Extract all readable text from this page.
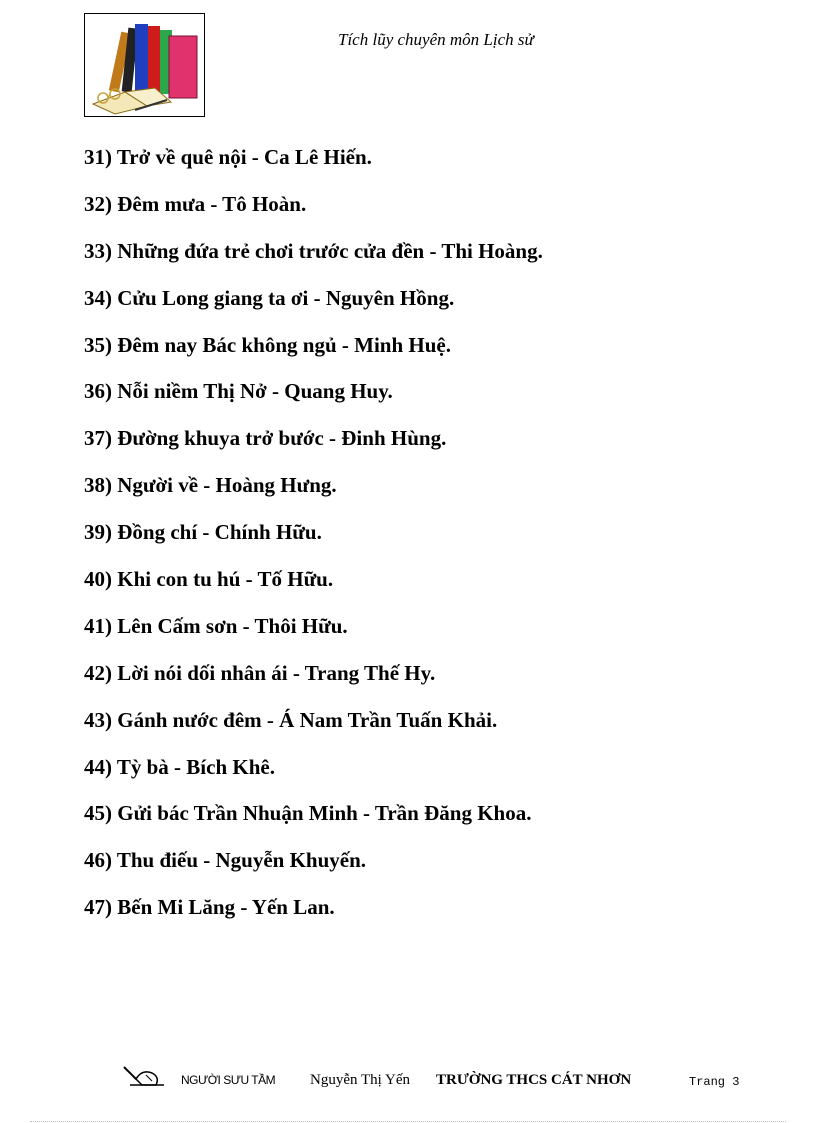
Tích lũy chuyên môn Lịch sử
31) Trở về quê nội - Ca Lê Hiến.
32) Đêm mưa - Tô Hoàn.
33) Những đứa trẻ chơi trước cửa đền - Thi Hoàng.
34) Cửu Long giang ta ơi - Nguyên Hồng.
35) Đêm nay Bác không ngủ - Minh Huệ.
36) Nỗi niềm Thị Nở - Quang Huy.
37) Đường khuya trở bước - Đinh Hùng.
38) Người về - Hoàng Hưng.
39) Đồng chí - Chính Hữu.
40) Khi con tu hú - Tố Hữu.
41) Lên Cấm sơn - Thôi Hữu.
42) Lời nói dối nhân ái - Trang Thế Hy.
43) Gánh nước đêm - Á Nam Trần Tuấn Khải.
44) Tỳ bà - Bích Khê.
45) Gửi bác Trần Nhuận Minh - Trần Đăng Khoa.
46) Thu điếu - Nguyễn Khuyến.
47) Bến Mi Lăng - Yến Lan.
NGƯỜI SƯU TẦM Nguyễn Thị Yến TRƯỜNG THCS CÁT NHƠN	Trang 3
